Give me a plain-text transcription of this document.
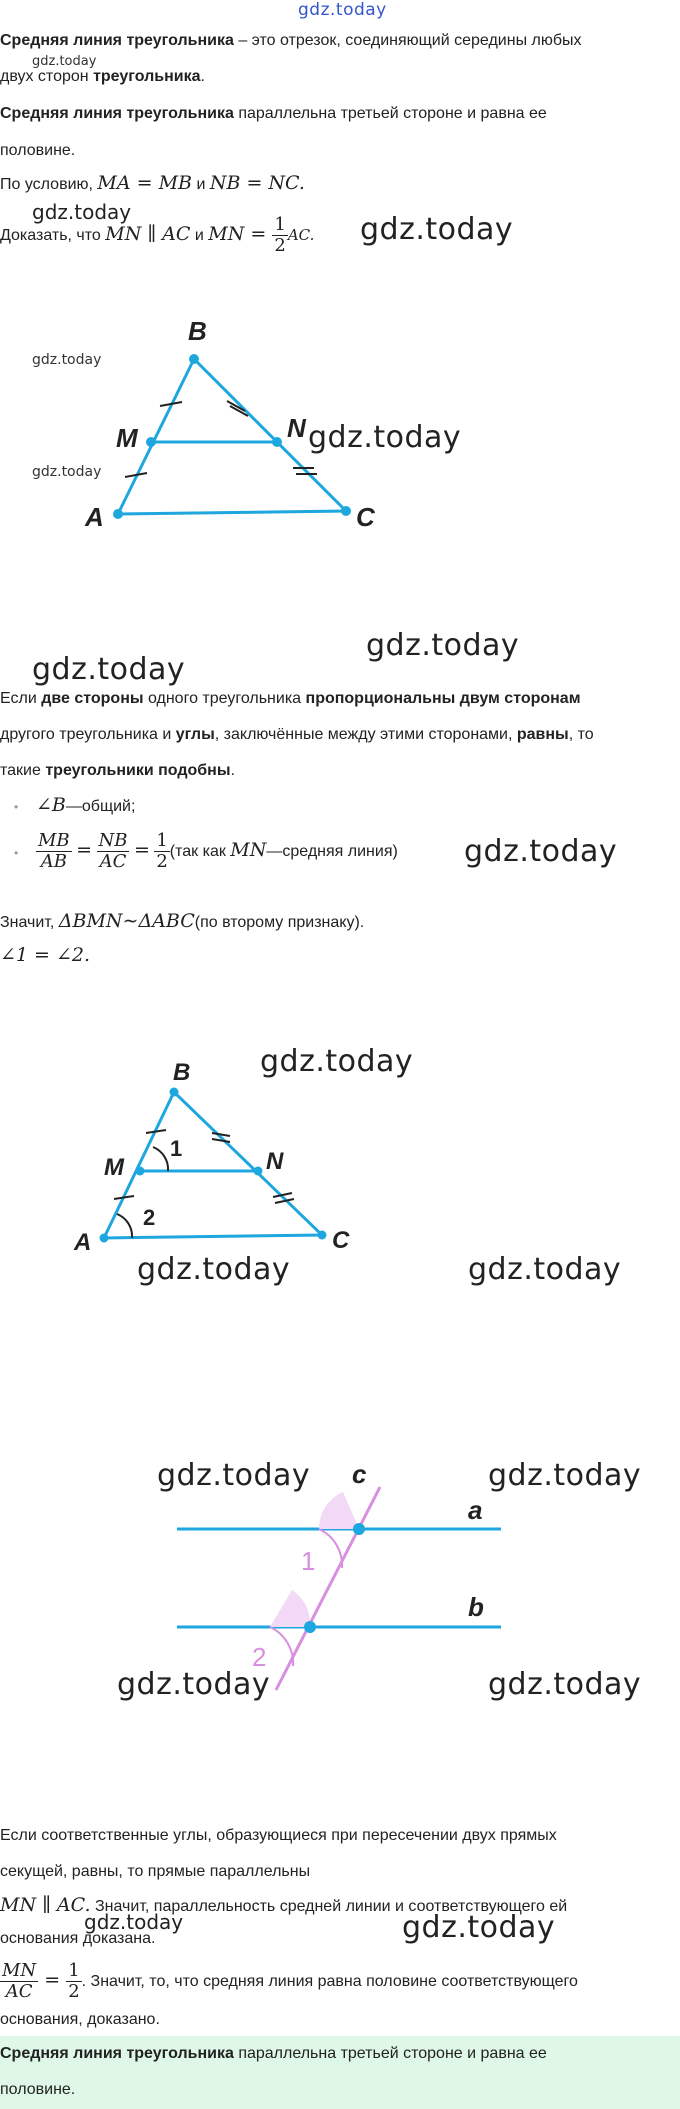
gdz.today
Средняя линия треугольника – это отрезок, соединяющий середины любых
двух сторон треугольника.
gdz.today
Средняя линия треугольника параллельна третьей стороне и равна ее
половине.
По условию, MA = MB и NB = NC.
gdz.today
Доказать, что MN ∥ AC и MN = $\frac{1}{2}$ AC.	gdz.today
gdz.today
gdz.today
B
M	N
A	C
gdz.today
gdz.today
gdz.today
Если две стороны одного треугольника пропорциональны двум сторонам
другого треугольника и углы, заключённые между этими сторонами, равны, то
такие треугольники подобны.
• ∠B—общий;
• $\frac{MB}{AB} = \frac{NB}{AC} = \frac{1}{2} (так$ как MN—средняя линия)	gdz.today
Значит, ΔBMN∼ΔABC(по второму признаку).
∠1 = ∠2.
gdz.today
B
M	N
A	C
1
2
gdz.today	gdz.today
gdz.today	gdz.today
c
a
b
1
2
gdz.today	gdz.today
Если соответственные углы, образующиеся при пересечении двух прямых
секущей, равны, то прямые параллельны
MN ∥ AC. Значит, параллельность средней линии и соответствующего ей
основания доказана.
gdz.today	gdz.today
$\frac{MN}{AC} = \frac{1}{2}$ . Значит, то, что средняя линия равна половине соответствующего
основания, доказано.
Средняя линия треугольника параллельна третьей стороне и равна ее
половине.
